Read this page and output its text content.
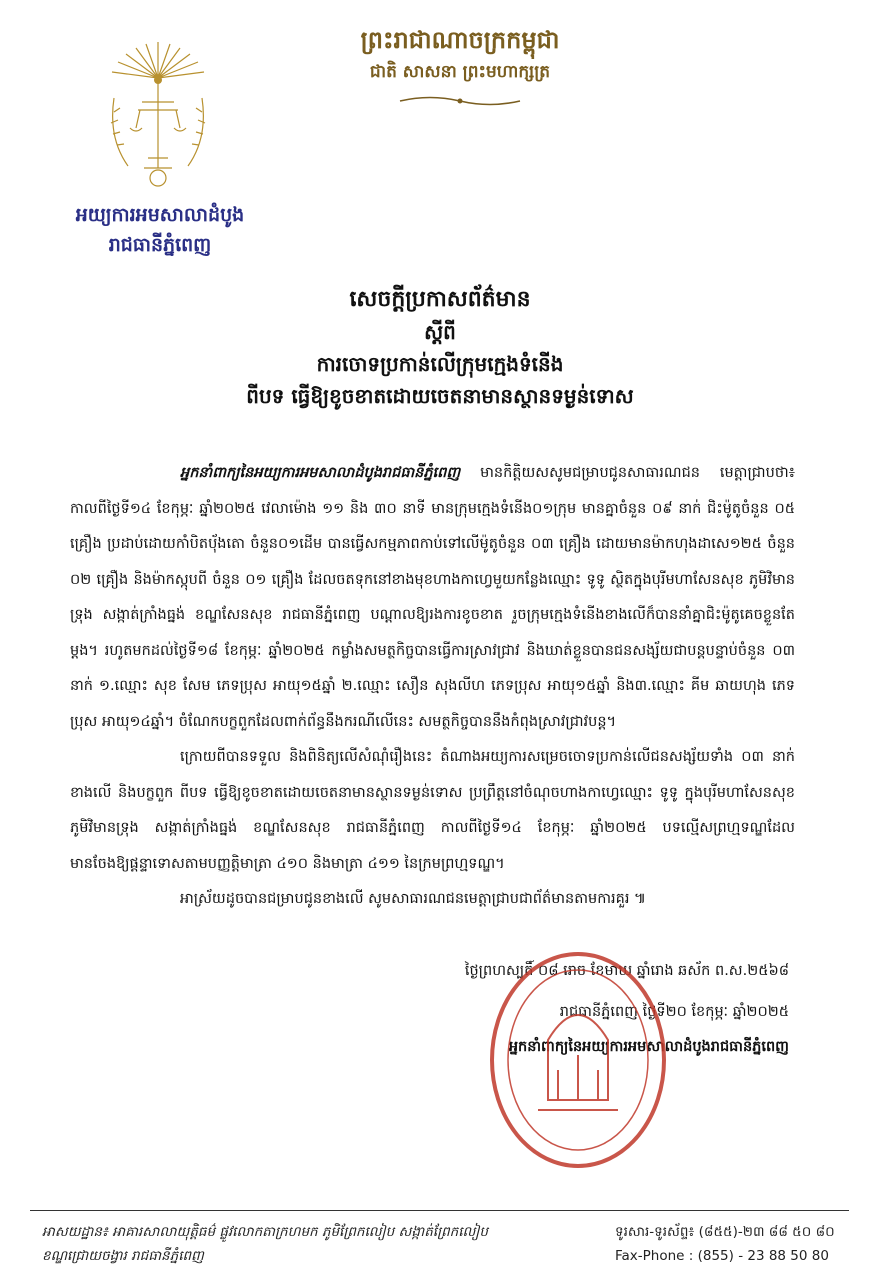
អយ្យការអមសាលាដំបូង
រាជធានីភ្នំពេញ
ព្រះរាជាណាចក្រកម្ពុជា
ជាតិ សាសនា ព្រះមហាក្សត្រ
សេចក្តីប្រកាសព័ត៌មាន
ស្តីពី
ការចោទប្រកាន់លើក្រុមក្មេងទំនើង
ពីបទ ធ្វើឱ្យខូចខាតដោយចេតនាមានស្ថានទម្ងន់ទោស

អ្នកនាំពាក្យនៃអយ្យការអមសាលាដំបូងរាជធានីភ្នំពេញ មានកិត្តិយសសូមជម្រាបជូនសាធារណជន មេត្តាជ្រាបថា៖ កាលពីថ្ងៃទី១៤ ខែកុម្ភៈ ឆ្នាំ២០២៥ វេលាម៉ោង ១១ និង ៣០ នាទី មានក្រុមក្មេងទំនើង០១ក្រុម មានគ្នាចំនួន ០៩ នាក់ ជិះម៉ូតូចំនួន ០៥ គ្រឿង ប្រដាប់ដោយកាំបិតប៉័ងតោ ចំនួន០១ដើម បានធ្វើសកម្មភាពកាប់ទៅលើម៉ូតូចំនួន ០៣ គ្រឿង ដោយមានម៉ាកហុងដាសេ១២៥ ចំនួន ០២ គ្រឿង និងម៉ាកស្កុបពី ចំនួន ០១ គ្រឿង ដែលចតទុកនៅខាងមុខហាងកាហ្វេមួយកន្លែងឈ្មោះ ទូទូ ស្ថិតក្នុងបុរីមហាសែនសុខ ភូមិវិមានទ្រុង សង្កាត់ក្រាំងធ្នង់ ខណ្ឌសែនសុខ រាជធានីភ្នំពេញ បណ្តាលឱ្យរងការខូចខាត រួចក្រុមក្មេងទំនើងខាងលើក៏បាននាំគ្នាជិះម៉ូតូគេចខ្លួនតែម្តង។ រហូតមកដល់ថ្ងៃទី១៨ ខែកុម្ភៈ ឆ្នាំ២០២៥ កម្លាំងសមត្ថកិច្ចបានធ្វើការស្រាវជ្រាវ និងឃាត់ខ្លួនបានជនសង្ស័យជាបន្តបន្ទាប់ចំនួន ០៣ នាក់ ១.ឈ្មោះ សុខ សែម ភេទប្រុស អាយុ១៥ឆ្នាំ ២.ឈ្មោះ សឿន សុងលីហ ភេទប្រុស អាយុ១៥ឆ្នាំ និង៣.ឈ្មោះ គីម ឆាយហុង ភេទប្រុស អាយុ១៤ឆ្នាំ។ ចំណែកបក្ខពួកដែលពាក់ព័ន្ធនឹងករណីលើនេះ សមត្ថកិច្ចបាននឹងកំពុងស្រាវជ្រាវបន្ត។

ក្រោយពីបានទទួល និងពិនិត្យលើសំណុំរឿងនេះ តំណាងអយ្យការសម្រេចចោទប្រកាន់លើជនសង្ស័យទាំង ០៣ នាក់ខាងលើ និងបក្ខពួក ពីបទ ធ្វើឱ្យខូចខាតដោយចេតនាមានស្ថានទម្ងន់ទោស ប្រព្រឹត្តនៅចំណុចហាងកាហ្វេឈ្មោះ ទូទូ ក្នុងបុរីមហាសែនសុខ ភូមិវិមានទ្រុង សង្កាត់ក្រាំងធ្នង់ ខណ្ឌសែនសុខ រាជធានីភ្នំពេញ កាលពីថ្ងៃទី១៤ ខែកុម្ភៈ ឆ្នាំ២០២៥ បទល្មើសព្រហ្មទណ្ឌដែលមានចែងឱ្យផ្តន្ទាទោសតាមបញ្ញត្តិមាត្រា ៤១០ និងមាត្រា ៤១១ នៃក្រមព្រហ្មទណ្ឌ។

អាស្រ័យដូចបានជម្រាបជូនខាងលើ សូមសាធារណជនមេត្តាជ្រាបជាព័ត៌មានតាមការគួរ ៕

ថ្ងៃព្រហស្បតិ៍ ០៨ រោច ខែមាឃ ឆ្នាំរោង ឆស័ក ព.ស.២៥៦៨
រាជធានីភ្នំពេញ ថ្ងៃទី២០ ខែកុម្ភៈ ឆ្នាំ២០២៥
អ្នកនាំពាក្យនៃអយ្យការអមសាលាដំបូងរាជធានីភ្នំពេញ
អាសយដ្ឋាន៖ អាគារសាលាយុត្តិធម៌ ផ្លូវលោកតាក្រហមក ភូមិព្រែកលៀប សង្កាត់ព្រែកលៀប
ខណ្ឌជ្រោយចង្វារ រាជធានីភ្នំពេញ
ទូរសារ-ទូរស័ព្ទ៖ (៨៥៥)-២៣ ៨៨ ៥០ ៨០
Fax-Phone : (855) - 23 88 50 80
